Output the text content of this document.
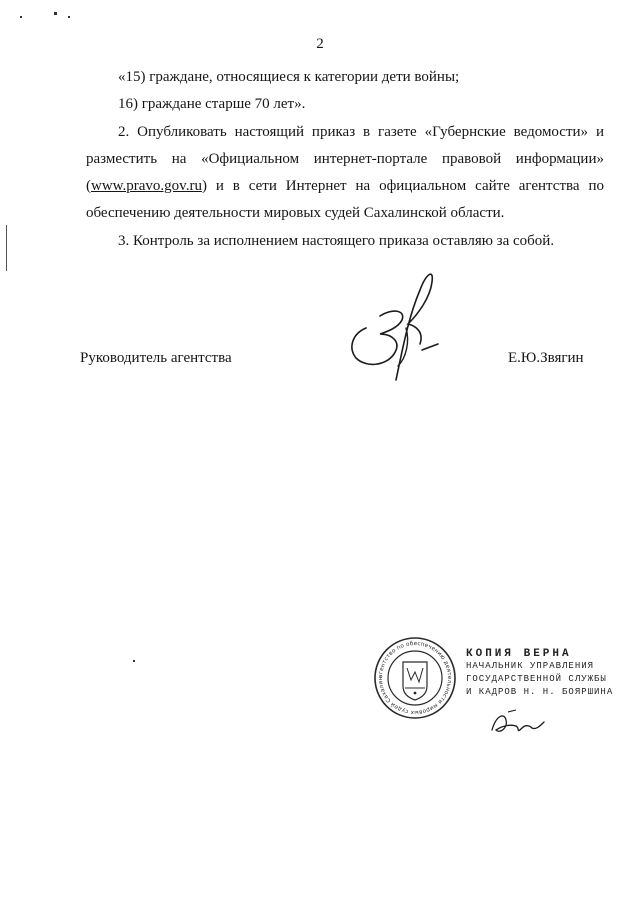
2
«15) граждане, относящиеся к категории дети войны;
16) граждане старше 70 лет».
2. Опубликовать настоящий приказ в газете «Губернские ведомости» и
разместить на «Официальном интернет-портале правовой информации»
(www.pravo.gov.ru) и в сети Интернет на официальном сайте агентства по
обеспечению деятельности мировых судей Сахалинской области.
3. Контроль за исполнением настоящего приказа оставляю за собой.
Руководитель агентства	Е.Ю.Звягин
агентство по обеспечению деятельности мировых судей Сахалин
КОПИЯ ВЕРНА
НАЧАЛЬНИК УПРАВЛЕНИЯ
ГОСУДАРСТВЕННОЙ СЛУЖБЫ
И КАДРОВ Н. Н. БОЯРШИНА
